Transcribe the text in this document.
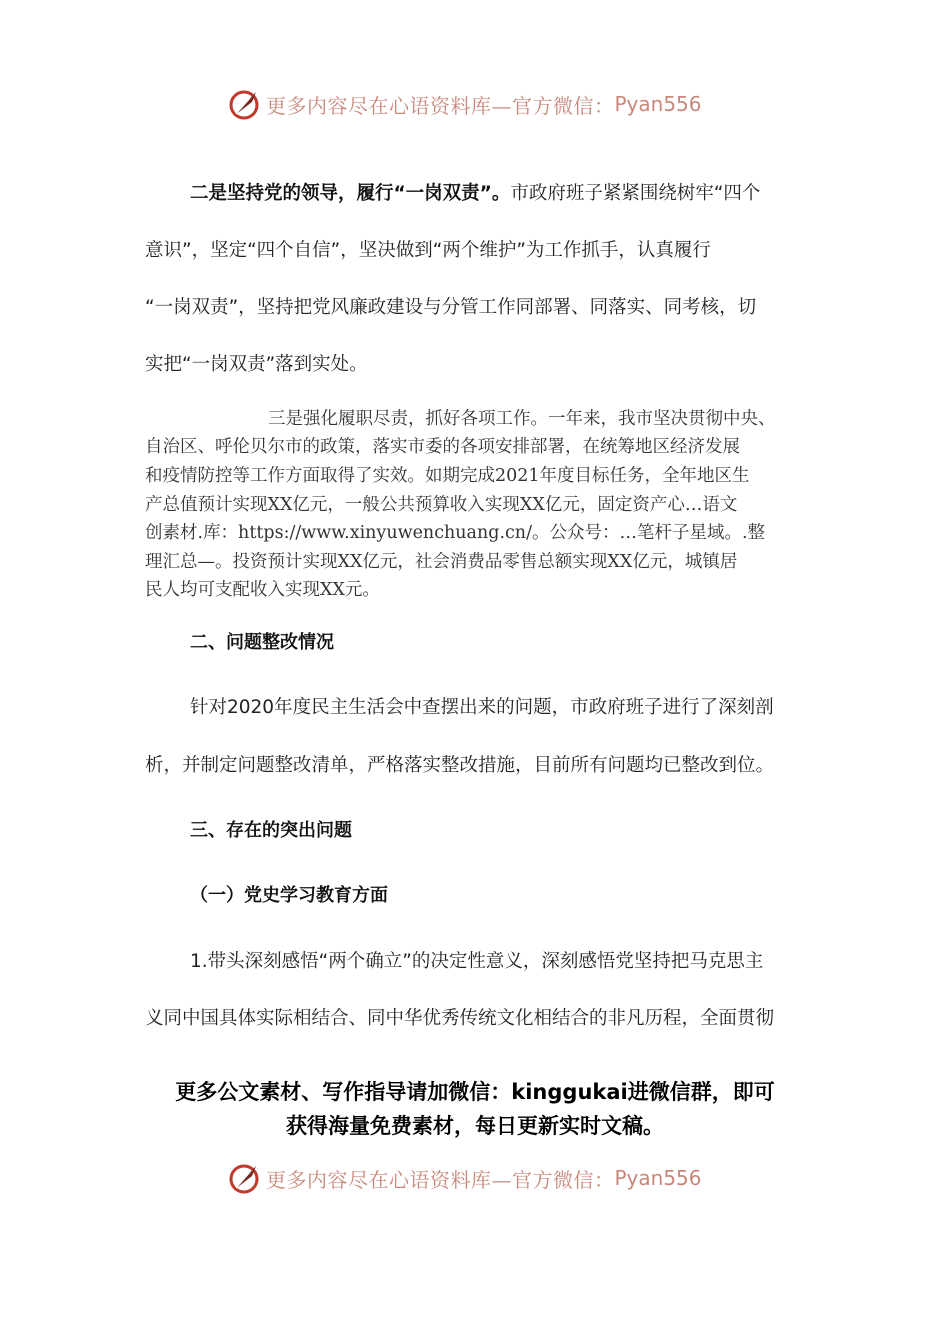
更多内容尽在心语资料库—官方微信： Pyan556
二是坚持党的领导，履行“一岗双责”。市政府班子紧紧围绕树牢“四个
意识”，坚定“四个自信”，坚决做到“两个维护”为工作抓手，认真履行
“一岗双责”，坚持把党风廉政建设与分管工作同部署、同落实、同考核，切
实把“一岗双责”落到实处。
三是强化履职尽责，抓好各项工作。一年来，我市坚决贯彻中央、
自治区、呼伦贝尔市的政策，落实市委的各项安排部署，在统筹地区经济发展
和疫情防控等工作方面取得了实效。如期完成2021年度目标任务，全年地区生
产总值预计实现XX亿元，一般公共预算收入实现XX亿元，固定资产心…语文
创素材.库：https://www.xinyuwenchuang.cn/。公众号：…笔杆子星域。.整
理汇总—。投资预计实现XX亿元，社会消费品零售总额实现XX亿元，城镇居
民人均可支配收入实现XX元。
二、问题整改情况
针对2020年度民主生活会中查摆出来的问题，市政府班子进行了深刻剖
析，并制定问题整改清单，严格落实整改措施，目前所有问题均已整改到位。
三、存在的突出问题
（一）党史学习教育方面
1.带头深刻感悟“两个确立”的决定性意义，深刻感悟党坚持把马克思主
义同中国具体实际相结合、同中华优秀传统文化相结合的非凡历程，全面贯彻
更多公文素材、写作指导请加微信：kinggukai进微信群，即可
获得海量免费素材，每日更新实时文稿。
更多内容尽在心语资料库—官方微信： Pyan556
